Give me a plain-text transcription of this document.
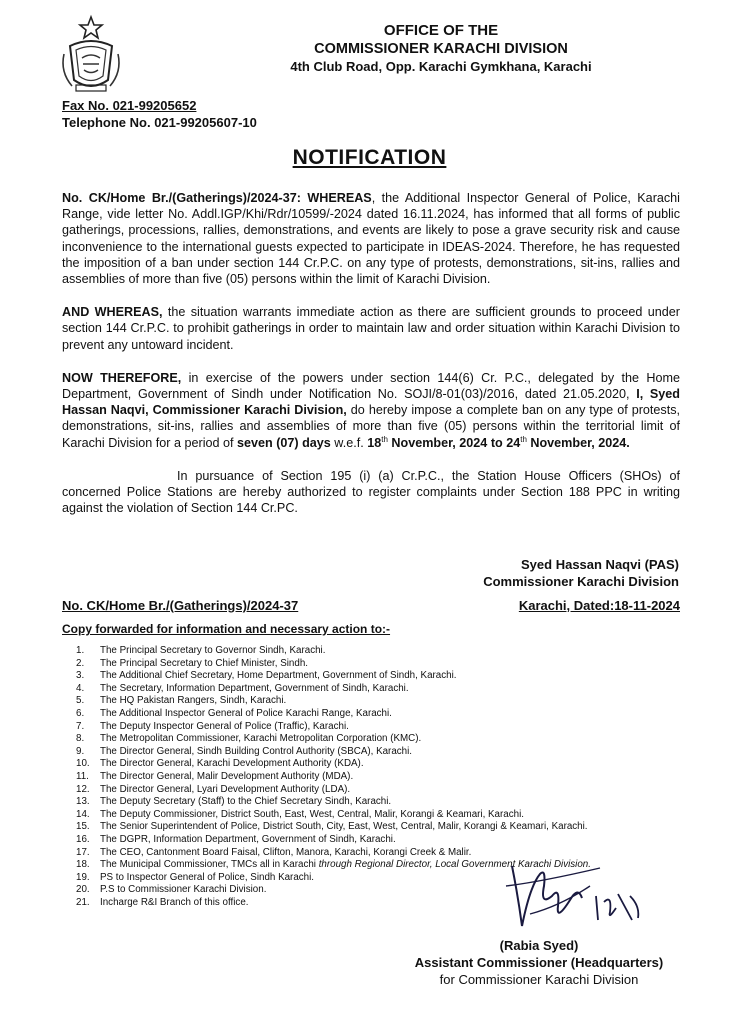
OFFICE OF THE
COMMISSIONER KARACHI DIVISION
4th Club Road, Opp. Karachi Gymkhana, Karachi
Fax No. 021-99205652
Telephone No. 021-99205607-10
NOTIFICATION

No. CK/Home Br./(Gatherings)/2024-37: WHEREAS, the Additional Inspector General of Police, Karachi Range, vide letter No. Addl.IGP/Khi/Rdr/10599/-2024 dated 16.11.2024, has informed that all forms of public gatherings, processions, rallies, demonstrations, and events are likely to pose a grave security risk and cause inconvenience to the international guests expected to participate in IDEAS-2024. Therefore, he has requested the imposition of a ban under section 144 Cr.P.C. on any type of protests, demonstrations, sit-ins, rallies and assemblies of more than five (05) persons within the limit of Karachi Division.

AND WHEREAS, the situation warrants immediate action as there are sufficient grounds to proceed under section 144 Cr.P.C. to prohibit gatherings in order to maintain law and order situation within Karachi Division to prevent any untoward incident.

NOW THEREFORE, in exercise of the powers under section 144(6) Cr. P.C., delegated by the Home Department, Government of Sindh under Notification No. SOJI/8-01(03)/2016, dated 21.05.2020, I, Syed Hassan Naqvi, Commissioner Karachi Division, do hereby impose a complete ban on any type of protests, demonstrations, sit-ins, rallies and assemblies of more than five (05) persons within the territorial limit of Karachi Division for a period of seven (07) days w.e.f. 18th November, 2024 to 24th November, 2024.

In pursuance of Section 195 (i) (a) Cr.P.C., the Station House Officers (SHOs) of concerned Police Stations are hereby authorized to register complaints under Section 188 PPC in writing against the violation of Section 144 Cr.PC.

Syed Hassan Naqvi (PAS)
Commissioner Karachi Division
No. CK/Home Br./(Gatherings)/2024-37	Karachi, Dated:18-11-2024
Copy forwarded for information and necessary action to:-
1.	The Principal Secretary to Governor Sindh, Karachi.
2.	The Principal Secretary to Chief Minister, Sindh.
3.	The Additional Chief Secretary, Home Department, Government of Sindh, Karachi.
4.	The Secretary, Information Department, Government of Sindh, Karachi.
5.	The HQ Pakistan Rangers, Sindh, Karachi.
6.	The Additional Inspector General of Police Karachi Range, Karachi.
7.	The Deputy Inspector General of Police (Traffic), Karachi.
8.	The Metropolitan Commissioner, Karachi Metropolitan Corporation (KMC).
9.	The Director General, Sindh Building Control Authority (SBCA), Karachi.
10.	The Director General, Karachi Development Authority (KDA).
11.	The Director General, Malir Development Authority (MDA).
12.	The Director General, Lyari Development Authority (LDA).
13.	The Deputy Secretary (Staff) to the Chief Secretary Sindh, Karachi.
14.	The Deputy Commissioner, District South, East, West, Central, Malir, Korangi & Keamari, Karachi.
15.	The Senior Superintendent of Police, District South, City, East, West, Central, Malir, Korangi & Keamari, Karachi.
16.	The DGPR, Information Department, Government of Sindh, Karachi.
17.	The CEO, Cantonment Board Faisal, Clifton, Manora, Karachi, Korangi Creek & Malir.
18.	The Municipal Commissioner, TMCs all in Karachi through Regional Director, Local Government Karachi Division.
19.	PS to Inspector General of Police, Sindh Karachi.
20.	P.S to Commissioner Karachi Division.
21.	Incharge R&I Branch of this office.
(Rabia Syed)
Assistant Commissioner (Headquarters)
for Commissioner Karachi Division
